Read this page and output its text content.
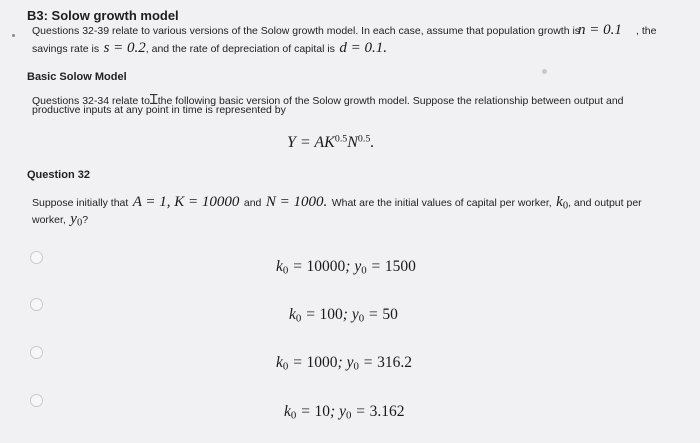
B3: Solow growth model
Questions 32-39 relate to various versions of the Solow growth model. In each case, assume that population growth is
n = 0.1 , the
savings rate is s = 0.2, and the rate of depreciation of capital is d = 0.1.
Basic Solow Model
Questions 32-34 relate toꞮthe following basic version of the Solow growth model. Suppose the relationship between output and
productive inputs at any point in time is represented by
$Y = AK^{0.5}N^{0.5}$.
Question 32
Suppose initially that A = 1, K = 10000 and N = 1000. What are the initial values of capital per worker, $k_0$, and output per
worker, $y_0$?
$k_0 = 10000$; $y_0 = 1500$
$k_0 = 100$; $y_0 = 50$
$k_0 = 1000$; $y_0 = 316.2$
$k_0 = 10$; $y_0 = 3.162$
